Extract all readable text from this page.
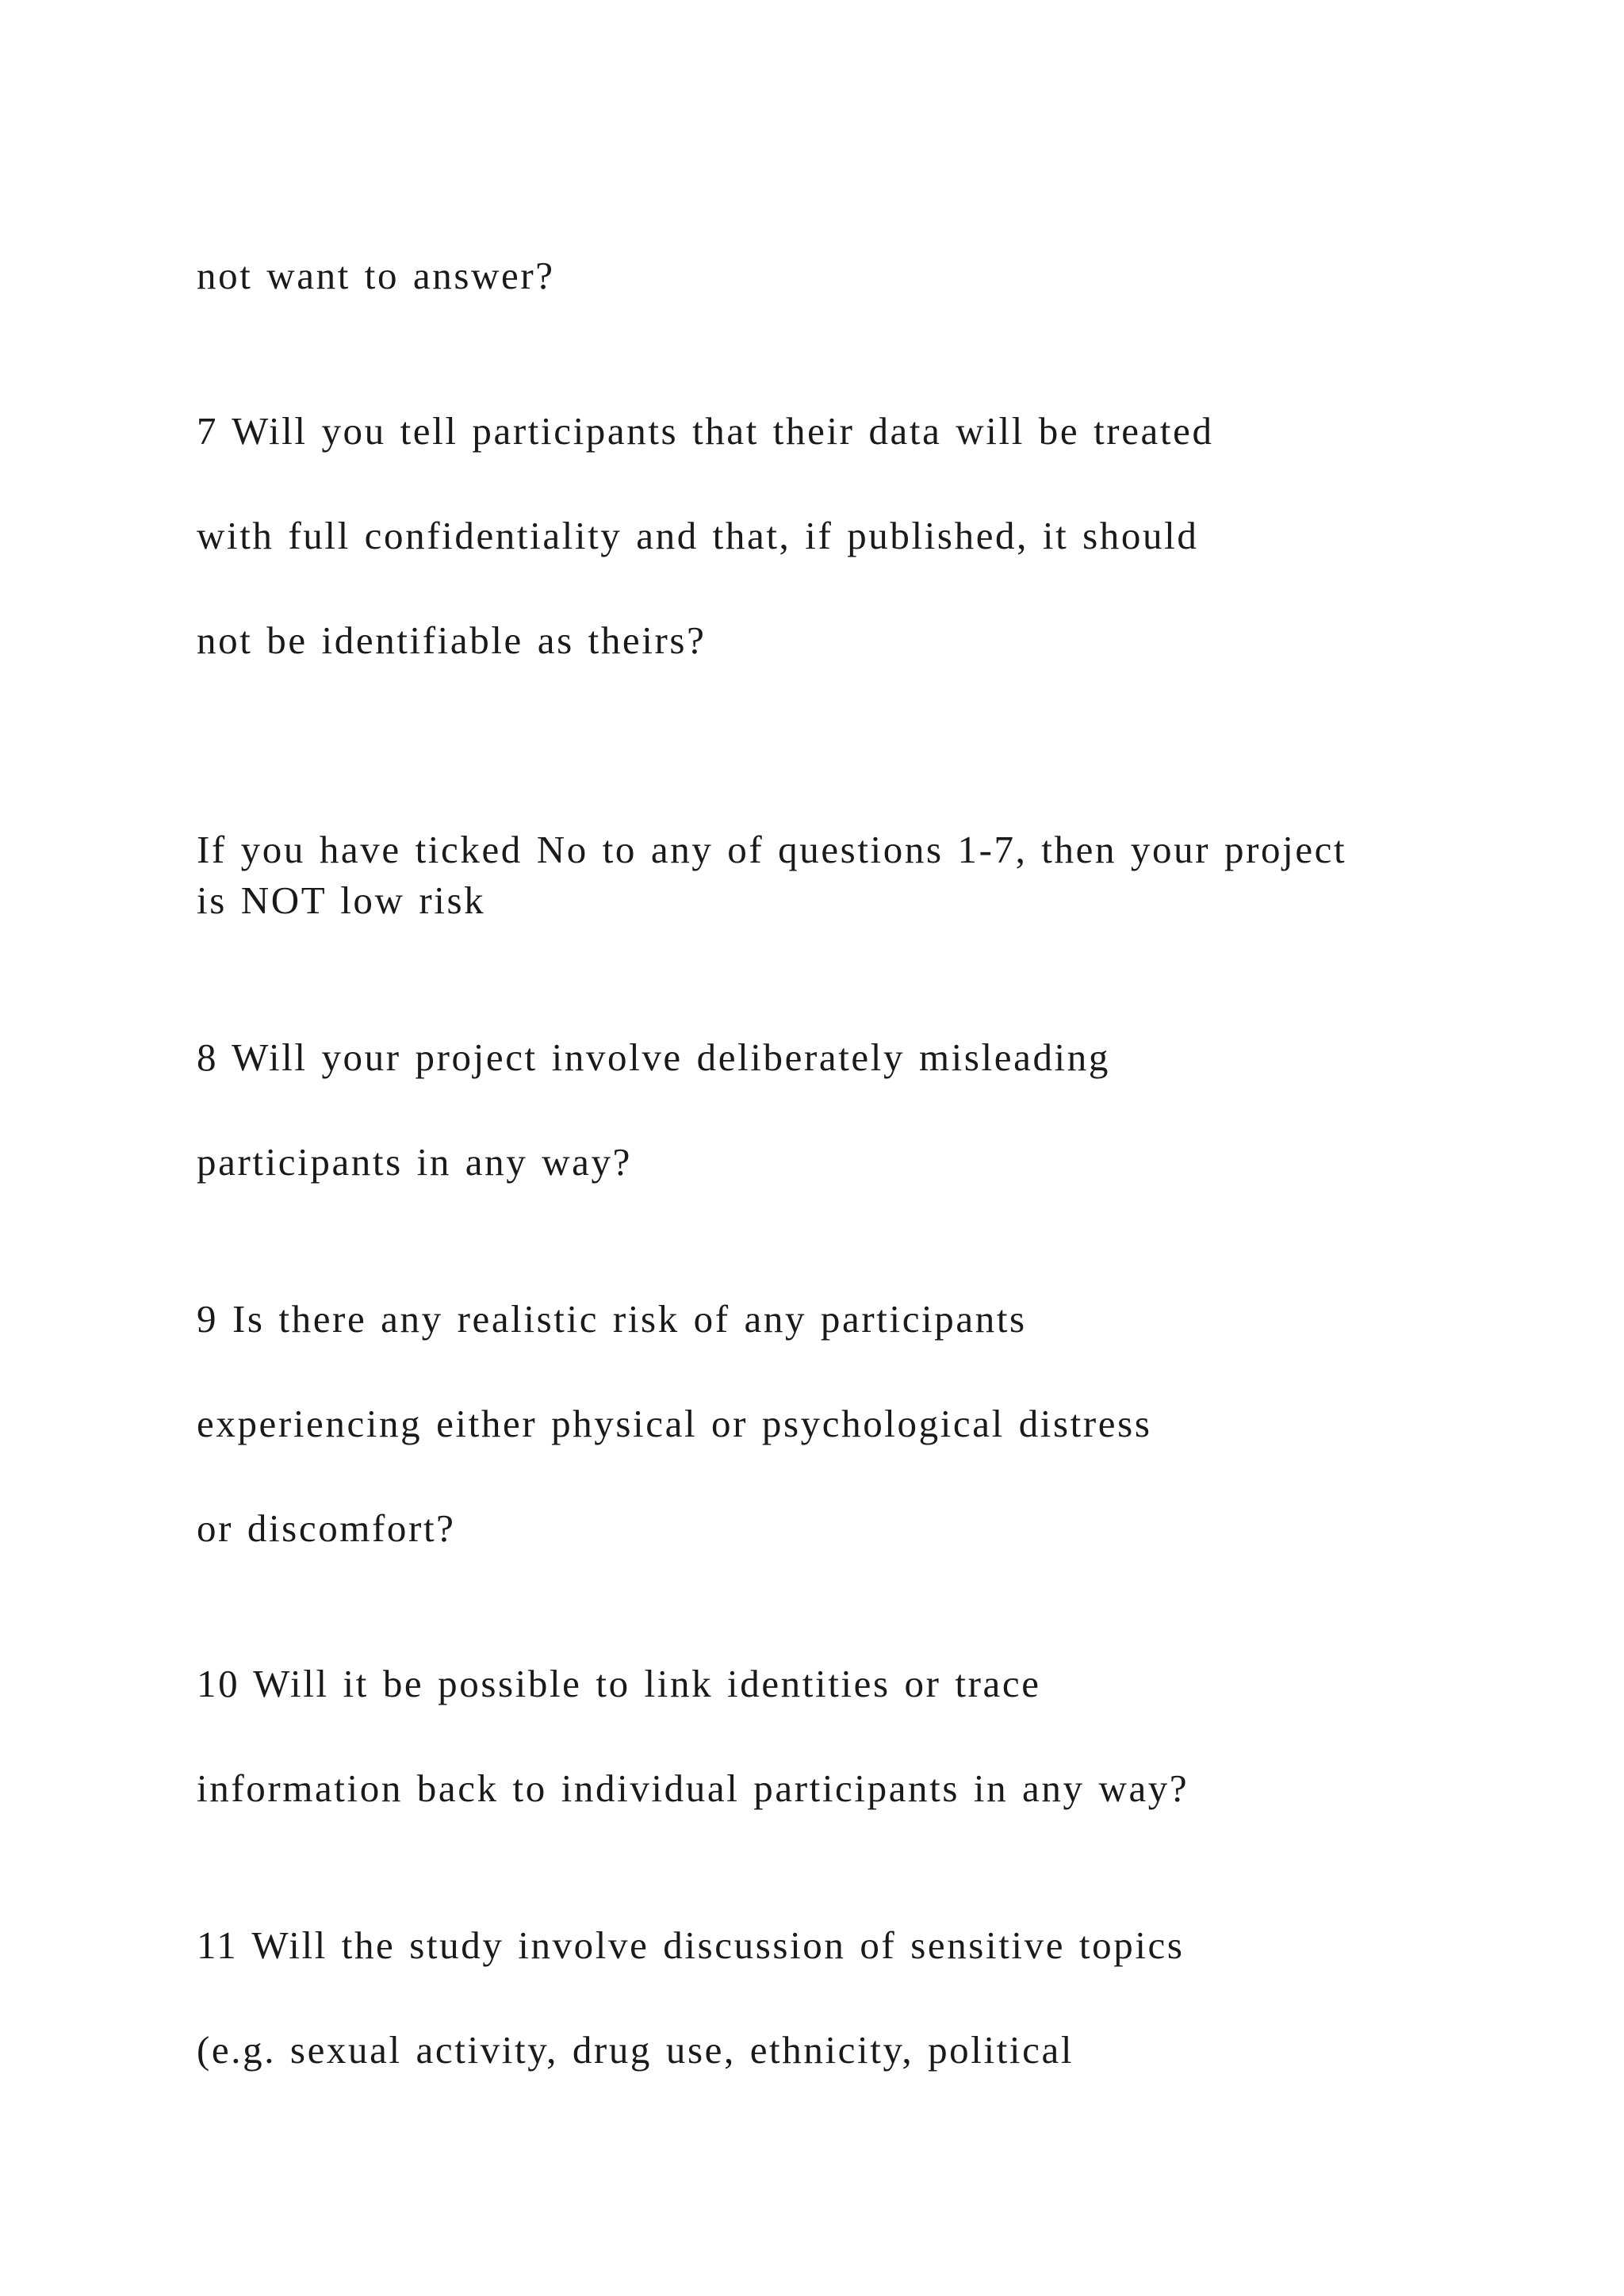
not want to answer?
7 Will you tell participants that their data will be treated
with full confidentiality and that, if published, it should
not be identifiable as theirs?
If you have ticked No to any of questions 1-7, then your project
is NOT low risk
8 Will your project involve deliberately misleading
participants in any way?
9 Is there any realistic risk of any participants
experiencing either physical or psychological distress
or discomfort?
10 Will it be possible to link identities or trace
information back to individual participants in any way?
11 Will the study involve discussion of sensitive topics
(e.g. sexual activity, drug use, ethnicity, political
